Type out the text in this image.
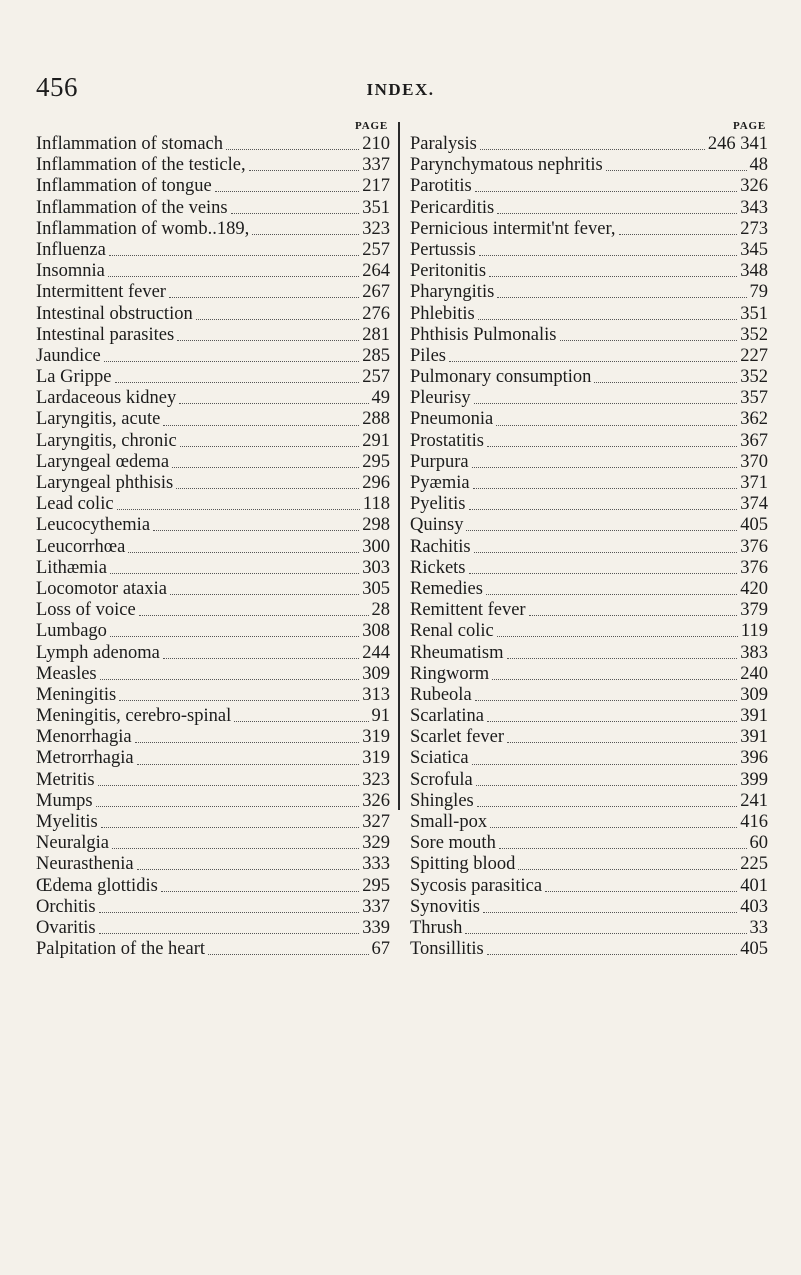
456	INDEX.
PAGE
Inflammation of stomach	210
Inflammation of the testicle,	337
Inflammation of tongue	217
Inflammation of the veins	351
Inflammation of womb..189,	323
Influenza	257
Insomnia	264
Intermittent fever	267
Intestinal obstruction	276
Intestinal parasites	281
Jaundice	285
La Grippe	257
Lardaceous kidney	49
Laryngitis, acute	288
Laryngitis, chronic	291
Laryngeal œdema	295
Laryngeal phthisis	296
Lead colic	118
Leucocythemia	298
Leucorrhœa	300
Lithæmia	303
Locomotor ataxia	305
Loss of voice	28
Lumbago	308
Lymph adenoma	244
Measles	309
Meningitis	313
Meningitis, cerebro-spinal	91
Menorrhagia	319
Metrorrhagia	319
Metritis	323
Mumps	326
Myelitis	327
Neuralgia	329
Neurasthenia	333
Œdema glottidis	295
Orchitis	337
Ovaritis	339
Palpitation of the heart	67
PAGE
Paralysis	246 341
Parynchymatous nephritis	48
Parotitis	326
Pericarditis	343
Pernicious intermit'nt fever,	273
Pertussis	345
Peritonitis	348
Pharyngitis	79
Phlebitis	351
Phthisis Pulmonalis	352
Piles	227
Pulmonary consumption	352
Pleurisy	357
Pneumonia	362
Prostatitis	367
Purpura	370
Pyæmia	371
Pyelitis	374
Quinsy	405
Rachitis	376
Rickets	376
Remedies	420
Remittent fever	379
Renal colic	119
Rheumatism	383
Ringworm	240
Rubeola	309
Scarlatina	391
Scarlet fever	391
Sciatica	396
Scrofula	399
Shingles	241
Small-pox	416
Sore mouth	60
Spitting blood	225
Sycosis parasitica	401
Synovitis	403
Thrush	33
Tonsillitis	405
